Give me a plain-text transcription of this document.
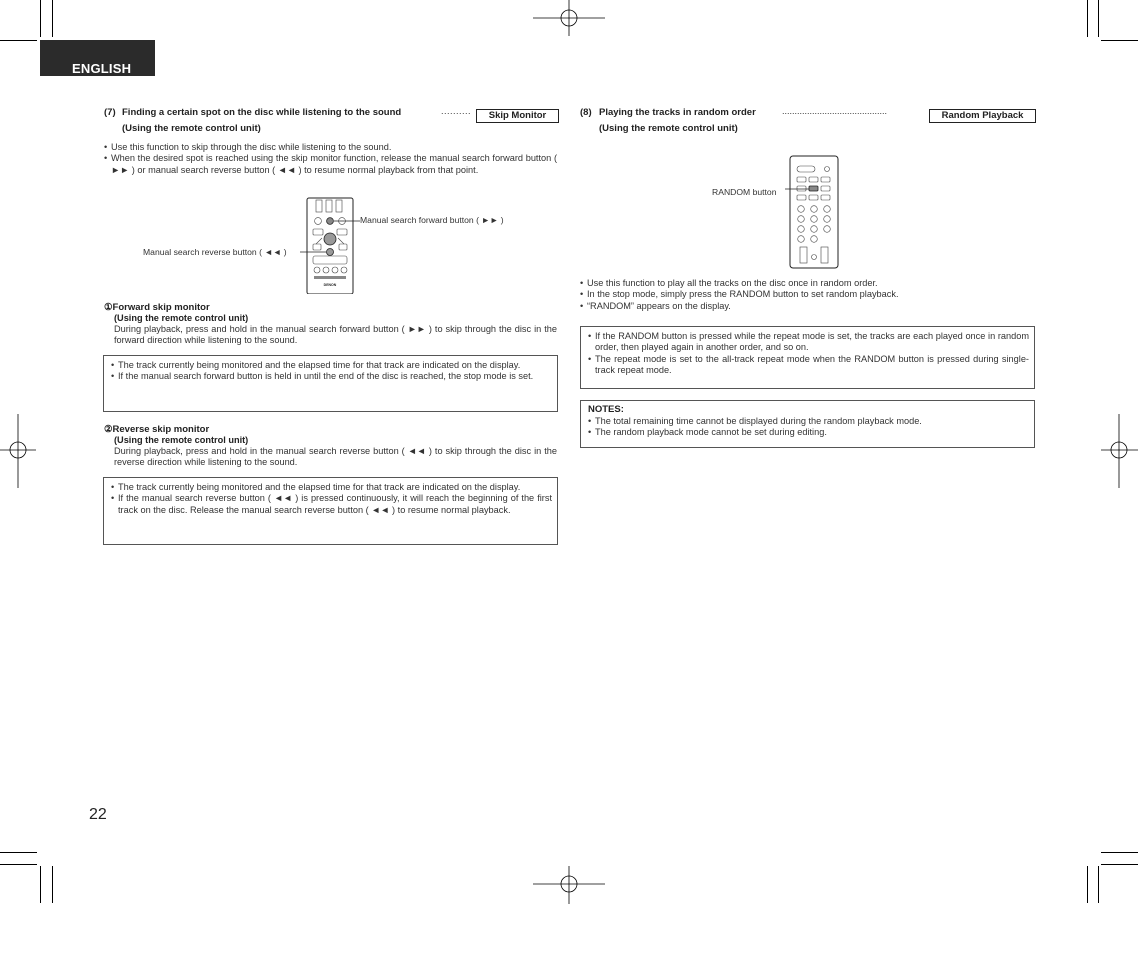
ENGLISH
(7) Finding a certain spot on the disc while listening to the sound
(Using the remote control unit)
..........	Skip Monitor
• Use this function to skip through the disc while listening to the sound.
• When the desired spot is reached using the skip monitor function, release the manual search forward button ( ►► ) or manual search reverse button ( ◄◄ ) to resume normal playback from that point.
DENON
Manual search forward button ( ►► )
Manual search reverse button ( ◄◄ )
①Forward skip monitor
(Using the remote control unit)
During playback, press and hold in the manual search forward button ( ►► ) to skip through the disc in the forward direction while listening to the sound.
• The track currently being monitored and the elapsed time for that track are indicated on the display.
• If the manual search forward button is held in until the end of the disc is reached, the stop mode is set.
②Reverse skip monitor
(Using the remote control unit)
During playback, press and hold in the manual search reverse button ( ◄◄ ) to skip through the disc in the reverse direction while listening to the sound.
• The track currently being monitored and the elapsed time for that track are indicated on the display.
• If the manual search reverse button ( ◄◄ ) is pressed continuously, it will reach the beginning of the first track on the disc. Release the manual search reverse button ( ◄◄ ) to resume normal playback.
(8) Playing the tracks in random order
(Using the remote control unit)
..........................................	Random Playback
RANDOM button
• Use this function to play all the tracks on the disc once in random order.
• In the stop mode, simply press the RANDOM button to set random playback.
• “RANDOM” appears on the display.
• If the RANDOM button is pressed while the repeat mode is set, the tracks are each played once in random order, then played again in another order, and so on.
• The repeat mode is set to the all-track repeat mode when the RANDOM button is pressed during single-track repeat mode.
NOTES:
• The total remaining time cannot be displayed during the random playback mode.
• The random playback mode cannot be set during editing.
22
